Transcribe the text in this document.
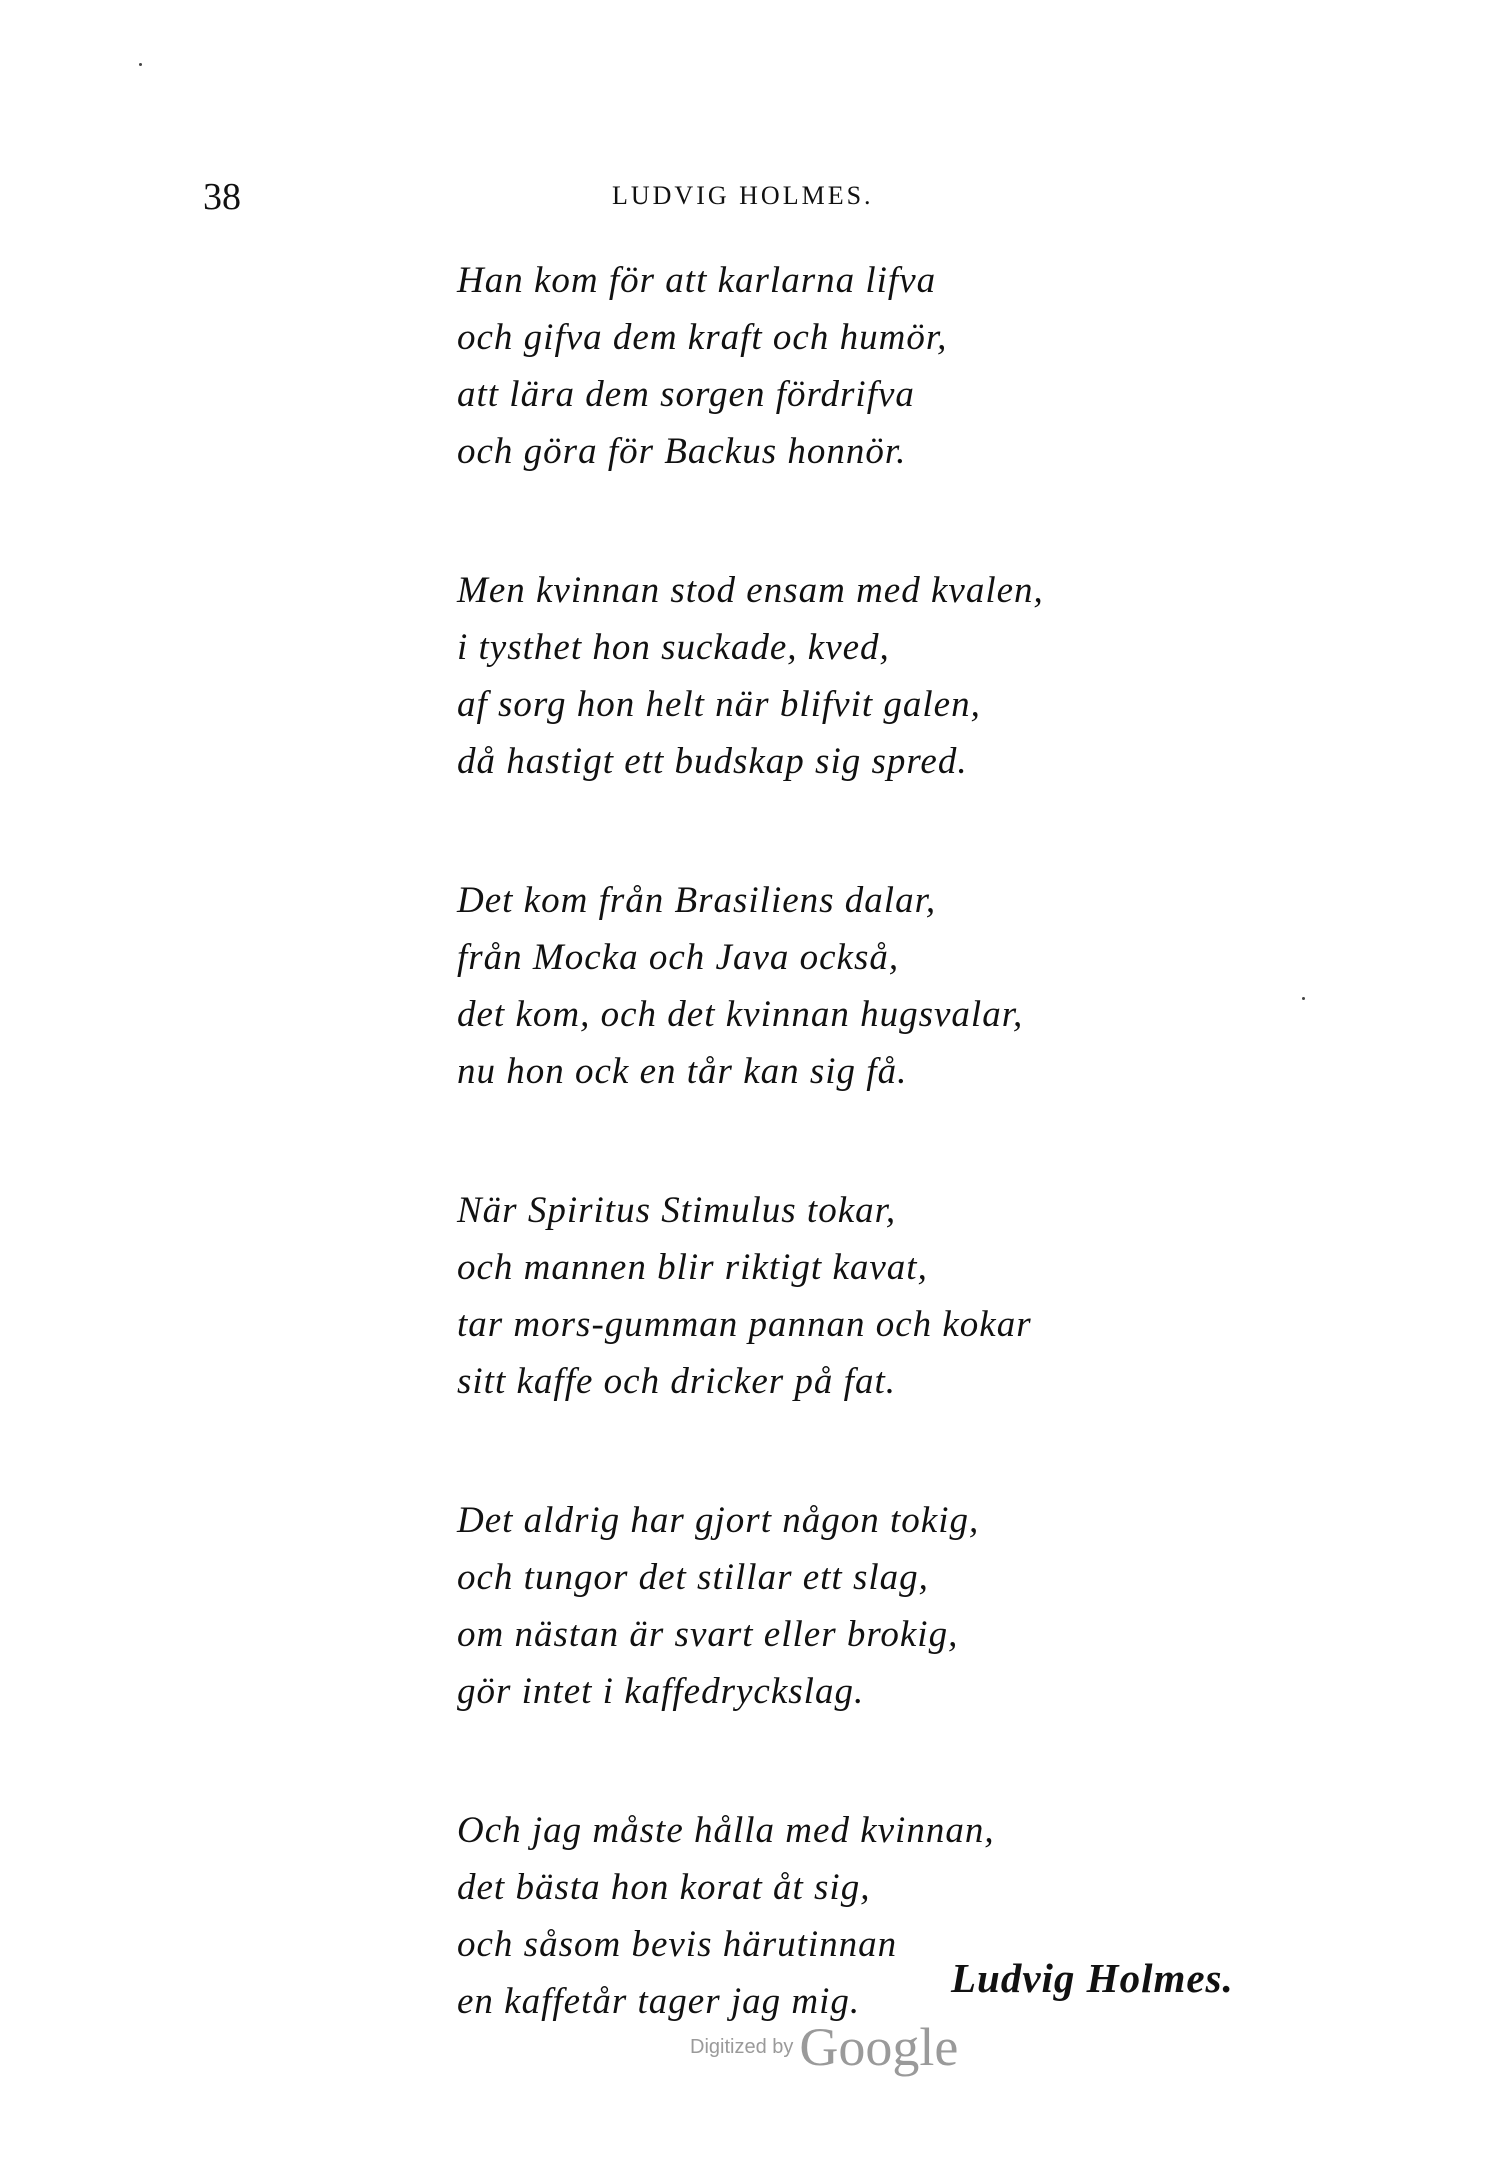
38	LUDVIG HOLMES.
Han kom för att karlarna lifva
och gifva dem kraft och humör,
att lära dem sorgen fördrifva
och göra för Backus honnör.
Men kvinnan stod ensam med kvalen,
i tysthet hon suckade, kved,
af sorg hon helt när blifvit galen,
då hastigt ett budskap sig spred.
Det kom från Brasiliens dalar,
från Mocka och Java också,
det kom, och det kvinnan hugsvalar,
nu hon ock en tår kan sig få.
När Spiritus Stimulus tokar,
och mannen blir riktigt kavat,
tar mors-gumman pannan och kokar
sitt kaffe och dricker på fat.
Det aldrig har gjort någon tokig,
och tungor det stillar ett slag,
om nästan är svart eller brokig,
gör intet i kaffedryckslag.
Och jag måste hålla med kvinnan,
det bästa hon korat åt sig,
och såsom bevis härutinnan
en kaffetår tager jag mig.
Ludvig Holmes.
Digitized by Google
